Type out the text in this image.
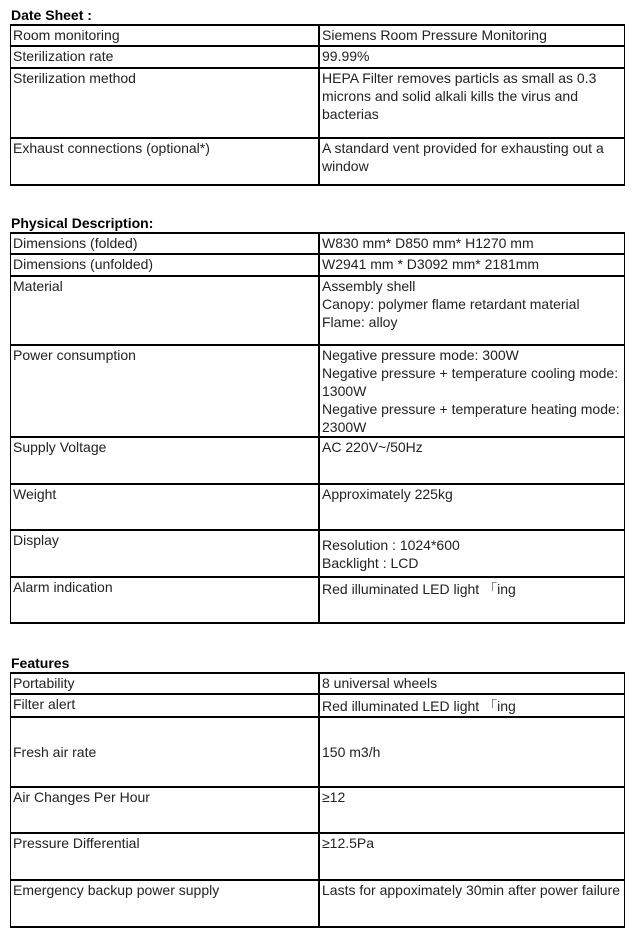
Date Sheet :
Room monitoring	Siemens Room Pressure Monitoring
Sterilization rate	99.99%
Sterilization method	HEPA Filter removes particls as small as 0.3 microns and solid alkali kills the virus and bacterias
Exhaust connections (optional*)	A standard vent provided for exhausting out a window
Physical Description:
Dimensions (folded)	W830 mm* D850 mm* H1270 mm
Dimensions (unfolded)	W2941 mm * D3092 mm* 2181mm
Material	Assembly shell
Canopy: polymer flame retardant material
Flame: alloy

Power consumption	Negative pressure mode: 300W
Negative pressure + temperature cooling mode: 1300W
Negative pressure + temperature heating mode: 2300W

Supply Voltage	AC 220V~/50Hz
Weight	Approximately 225kg
Display	Resolution : 1024*600
Backlight : LCD

Alarm indication	Red illuminated LED light 「ing
Features
Portability	8 universal wheels
Filter alert	Red illuminated LED light 「ing
Fresh air rate	150 m3/h
Air Changes Per Hour	≥12
Pressure Differential	≥12.5Pa
Emergency backup power supply	Lasts for appoximately 30min after power failure
